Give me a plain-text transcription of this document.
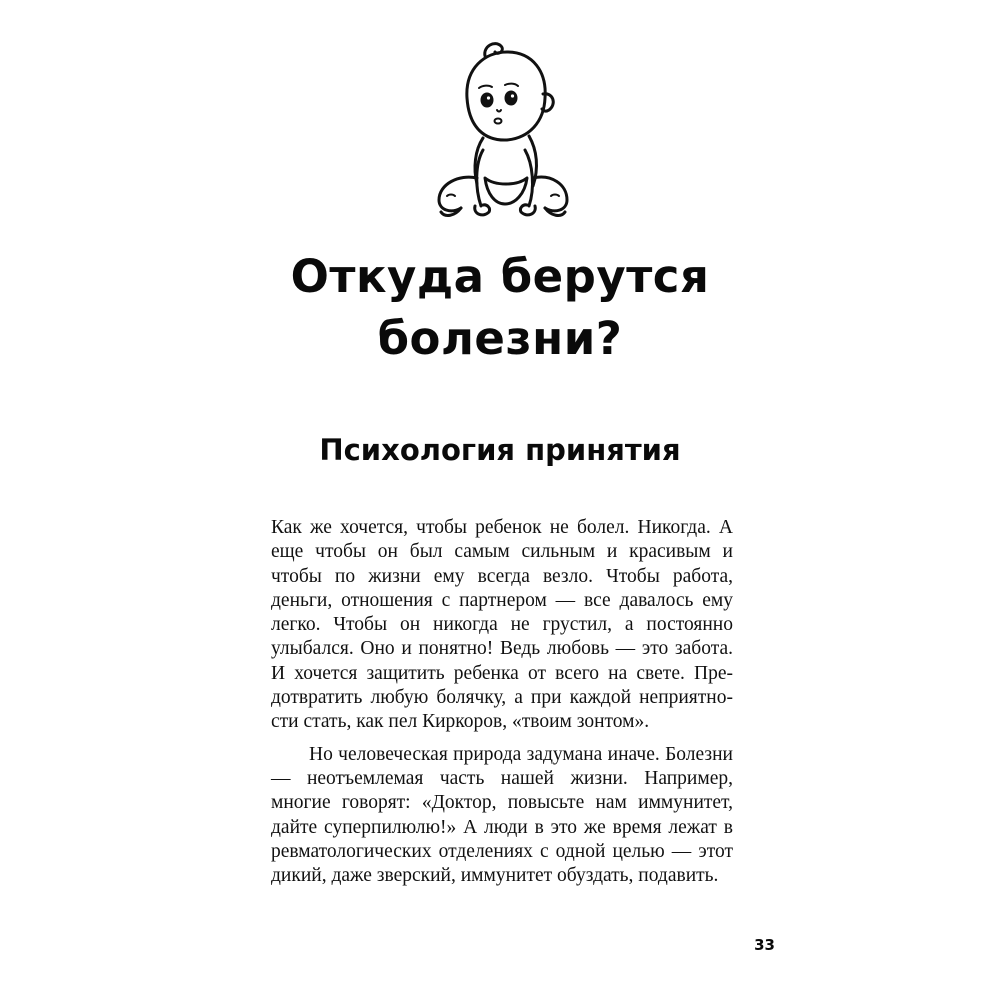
Откуда берутся
болезни?
Психология принятия

Как же хочется, чтобы ребенок не болел. Никогда. А еще чтобы он был самым сильным и красивым и чтобы по жизни ему всегда везло. Чтобы работа, деньги, отношения с партнером — все давалось ему легко. Чтобы он никогда не грустил, а постоянно улыбался. Оно и понятно! Ведь любовь — это забота. И хочется защитить ребенка от всего на свете. Предотвратить любую болячку, а при каждой неприятности стать, как пел Киркоров, «твоим зонтом».

Но человеческая природа задумана иначе. Болезни — неотъемлемая часть нашей жизни. Например, многие говорят: «Доктор, повысьте нам иммунитет, дайте суперпилюлю!» А люди в это же время лежат в ревматологических отделениях с одной целью — этот дикий, даже зверский, иммунитет обуздать, подавить.

33
